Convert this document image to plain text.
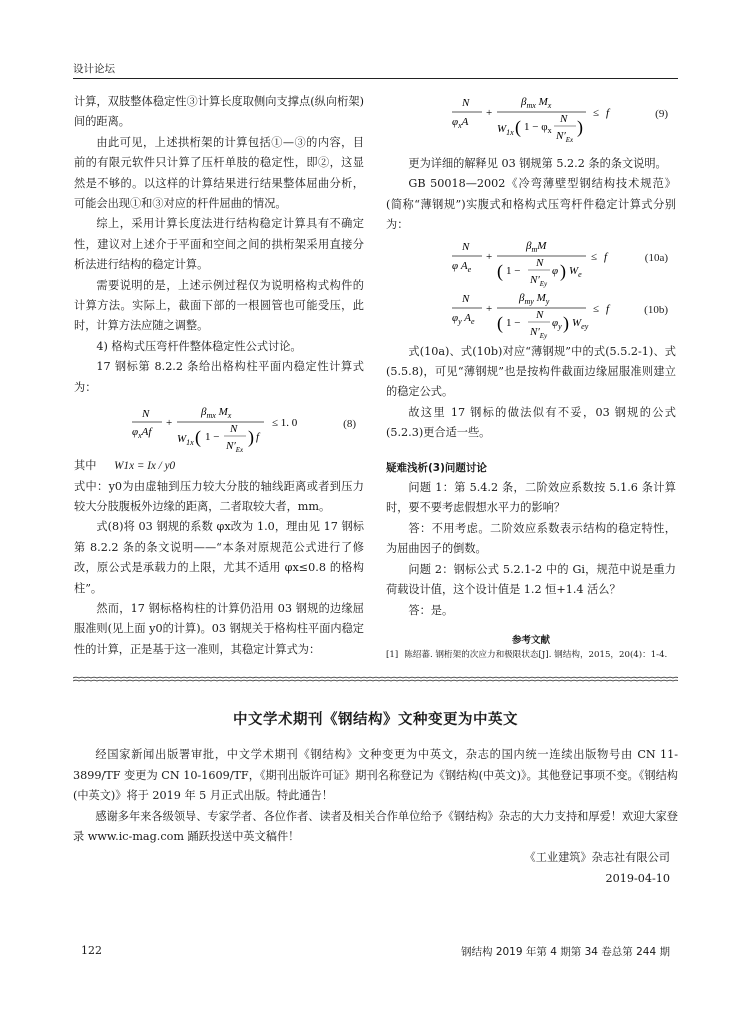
设计论坛

计算，双肢整体稳定性③计算长度取侧向支撑点(纵向桁架)间的距离。

由此可见，上述拱桁架的计算包括①—③的内容，目前的有限元软件只计算了压杆单肢的稳定性，即②，这显然是不够的。以这样的计算结果进行结果整体屈曲分析，可能会出现①和③对应的杆件屈曲的情况。

综上，采用计算长度法进行结构稳定计算具有不确定性，建议对上述介于平面和空间之间的拱桁架采用直接分析法进行结构的稳定计算。

需要说明的是，上述示例过程仅为说明格构式构件的计算方法。实际上，截面下部的一根圆管也可能受压，此时，计算方法应随之调整。

4) 格构式压弯杆件整体稳定性公式讨论。

17 钢标第 8.2.2 条给出格构柱平面内稳定性计算式为：

N
$\varphi_xAf$
+
$\beta_{mx}$ $M_x$
$W_{1x}$ ( 1 −
N
$N'_{Ex}$
) f
≤ 1. 0	(8)

其中 W1x = Ix / y0

式中：y0为由虚轴到压力较大分肢的轴线距离或者到压力较大分肢腹板外边缘的距离，二者取较大者，mm。

式(8)将 03 钢规的系数 φx改为 1.0，理由见 17 钢标第 8.2.2 条的条文说明——“本条对原规范公式进行了修改，原公式是承载力的上限，尤其不适用 φx≤0.8 的格构柱”。

然而，17 钢标格构柱的计算仍沿用 03 钢规的边缘屈服准则(见上面 y0的计算)。03 钢规关于格构柱平面内稳定性的计算，正是基于这一准则，其稳定计算式为：

N
$\varphi_xA$
+
$\beta_{mx}$ $M_x$
$W_{1x}$ ( $1 - \varphi_x$
N
$N'_{Ex}$
)
≤ f	(9)

更为详细的解释见 03 钢规第 5.2.2 条的条文说明。

GB 50018—2002《冷弯薄壁型钢结构技术规范》(简称“薄钢规”)实腹式和格构式压弯杆件稳定计算式分别为：

N
φ $A_e$
+
$\beta_mM$
( 1 −
N
$N'_{Ey}$
φ ) $W_e$
≤ f	(10a)
N
$\varphi_y$ $A_e$
+
$\beta_{my}$ $M_y$
( 1 −
N
$N'_{Ey}$
$\varphi_y$ ) $W_{ey}$
≤ f	(10b)

式(10a)、式(10b)对应“薄钢规”中的式(5.5.2-1)、式(5.5.8)，可见“薄钢规”也是按构件截面边缘屈服准则建立的稳定公式。

故这里 17 钢标的做法似有不妥，03 钢规的公式(5.2.3)更合适一些。

疑难浅析(3)问题讨论

问题 1：第 5.4.2 条，二阶效应系数按 5.1.6 条计算时，要不要考虑假想水平力的影响？

答：不用考虑。二阶效应系数表示结构的稳定特性，为屈曲因子的倒数。

问题 2：钢标公式 5.2.1-2 中的 Gi，规范中说是重力荷载设计值，这个设计值是 1.2 恒+1.4 活么？

答：是。

参考文献

[1] 陈绍蕃. 钢桁架的次应力和极限状态[J]. 钢结构，2015，20(4)：1-4.
中文学术期刊《钢结构》文种变更为中英文

经国家新闻出版署审批，中文学术期刊《钢结构》文种变更为中英文，杂志的国内统一连续出版物号由 CN 11-3899/TF 变更为 CN 10-1609/TF，《期刊出版许可证》期刊名称登记为《钢结构(中英文)》。其他登记事项不变。《钢结构(中英文)》将于 2019 年 5 月正式出版。特此通告！

感谢多年来各级领导、专家学者、各位作者、读者及相关合作单位给予《钢结构》杂志的大力支持和厚爱！欢迎大家登录 www.ic-mag.com 踊跃投送中英文稿件！

《工业建筑》杂志社有限公司

2019-04-10

122	钢结构 2019 年第 4 期第 34 卷总第 244 期
